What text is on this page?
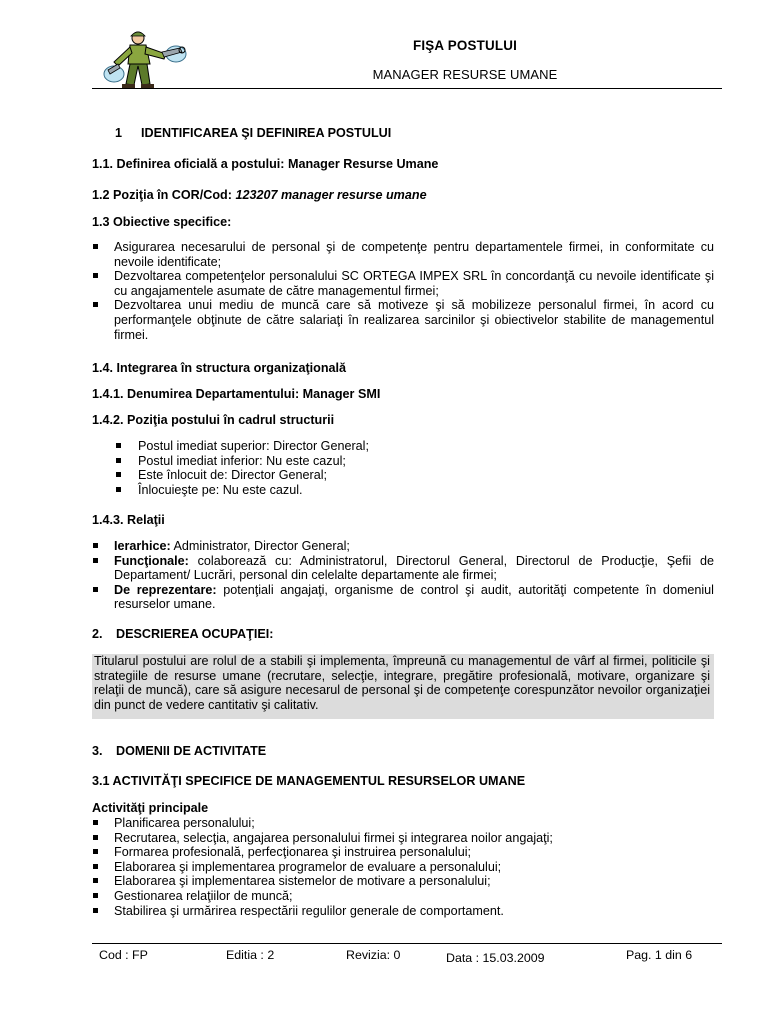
FIŞA POSTULUI
MANAGER RESURSE UMANE
1 IDENTIFICAREA ŞI DEFINIREA POSTULUI
1.1. Definirea oficială a postului: Manager Resurse Umane
1.2 Poziţia în COR/Cod: 123207 manager resurse umane
1.3 Obiective specifice:
Asigurarea necesarului de personal şi de competenţe pentru departamentele firmei, in conformitate cu nevoile identificate;
Dezvoltarea competenţelor personalului SC ORTEGA IMPEX SRL în concordanţă cu nevoile identificate şi cu angajamentele asumate de către managementul firmei;
Dezvoltarea unui mediu de muncă care să motiveze şi să mobilizeze personalul firmei, în acord cu performanţele obţinute de către salariaţi în realizarea sarcinilor şi obiectivelor stabilite de managementul firmei.
1.4. Integrarea în structura organizaţională
1.4.1. Denumirea Departamentului: Manager SMI
1.4.2. Poziţia postului în cadrul structurii
Postul imediat superior: Director General;
Postul imediat inferior: Nu este cazul;
Este înlocuit de: Director General;
Înlocuieşte pe: Nu este cazul.
1.4.3. Relaţii
Ierarhice: Administrator, Director General;
Funcţionale: colaborează cu: Administratorul, Directorul General, Directorul de Producţie, Şefii de Departament/ Lucrări, personal din celelalte departamente ale firmei;
De reprezentare: potenţiali angajaţi, organisme de control şi audit, autorităţi competente în domeniul resurselor umane.
2. DESCRIEREA OCUPAŢIEI:
Titularul postului are rolul de a stabili şi implementa, împreună cu managementul de vârf al firmei, politicile şi strategiile de resurse umane (recrutare, selecţie, integrare, pregătire profesională, motivare, organizare şi relaţii de muncă), care să asigure necesarul de personal şi de competenţe corespunzător nevoilor organizaţiei din punct de vedere cantitativ şi calitativ.
3. DOMENII DE ACTIVITATE
3.1 ACTIVITĂŢI SPECIFICE DE MANAGEMENTUL RESURSELOR UMANE
Activităţi principale
Planificarea personalului;
Recrutarea, selecţia, angajarea personalului firmei şi integrarea noilor angajaţi;
Formarea profesională, perfecţionarea şi instruirea personalului;
Elaborarea şi implementarea programelor de evaluare a personalului;
Elaborarea şi implementarea sistemelor de motivare a personalului;
Gestionarea relaţiilor de muncă;
Stabilirea şi urmărirea respectării regulilor generale de comportament.
Cod : FP	Editia : 2	Revizia: 0	Data : 15.03.2009	Pag. 1 din 6
